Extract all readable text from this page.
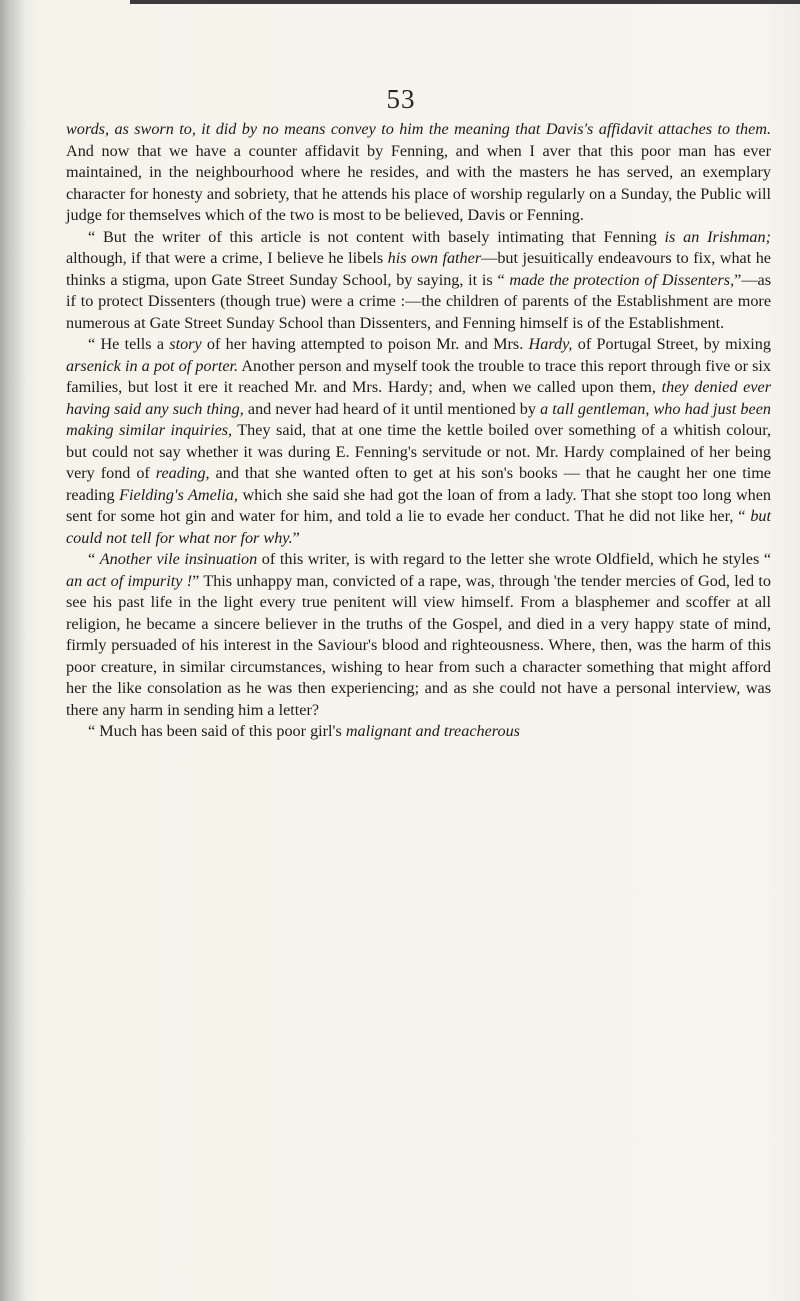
53

words, as sworn to, it did by no means convey to him the meaning that Davis's affidavit attaches to them. And now that we have a counter affidavit by Fenning, and when I aver that this poor man has ever maintained, in the neighbourhood where he resides, and with the masters he has served, an exemplary character for honesty and sobriety, that he attends his place of worship regularly on a Sunday, the Public will judge for themselves which of the two is most to be believed, Davis or Fenning.

“ But the writer of this article is not content with basely intimating that Fenning is an Irishman; although, if that were a crime, I believe he libels his own father—but jesuitically endeavours to fix, what he thinks a stigma, upon Gate Street Sunday School, by saying, it is “ made the protection of Dissenters,”—as if to protect Dissenters (though true) were a crime :—the children of parents of the Establishment are more numerous at Gate Street Sunday School than Dissenters, and Fenning himself is of the Establishment.

“ He tells a story of her having attempted to poison Mr. and Mrs. Hardy, of Portugal Street, by mixing arsenick in a pot of porter. Another person and myself took the trouble to trace this report through five or six families, but lost it ere it reached Mr. and Mrs. Hardy; and, when we called upon them, they denied ever having said any such thing, and never had heard of it until mentioned by a tall gentleman, who had just been making similar inquiries, They said, that at one time the kettle boiled over something of a whitish colour, but could not say whether it was during E. Fenning's servitude or not. Mr. Hardy complained of her being very fond of reading, and that she wanted often to get at his son's books — that he caught her one time reading Fielding's Amelia, which she said she had got the loan of from a lady. That she stopt too long when sent for some hot gin and water for him, and told a lie to evade her conduct. That he did not like her, “ but could not tell for what nor for why.”

“ Another vile insinuation of this writer, is with regard to the letter she wrote Oldfield, which he styles “ an act of impurity !” This unhappy man, convicted of a rape, was, through 'the tender mercies of God, led to see his past life in the light every true penitent will view himself. From a blasphemer and scoffer at all religion, he became a sincere believer in the truths of the Gospel, and died in a very happy state of mind, firmly persuaded of his interest in the Saviour's blood and righteousness. Where, then, was the harm of this poor creature, in similar circumstances, wishing to hear from such a character something that might afford her the like consolation as he was then experiencing; and as she could not have a personal interview, was there any harm in sending him a letter?

“ Much has been said of this poor girl's malignant and treacherous
